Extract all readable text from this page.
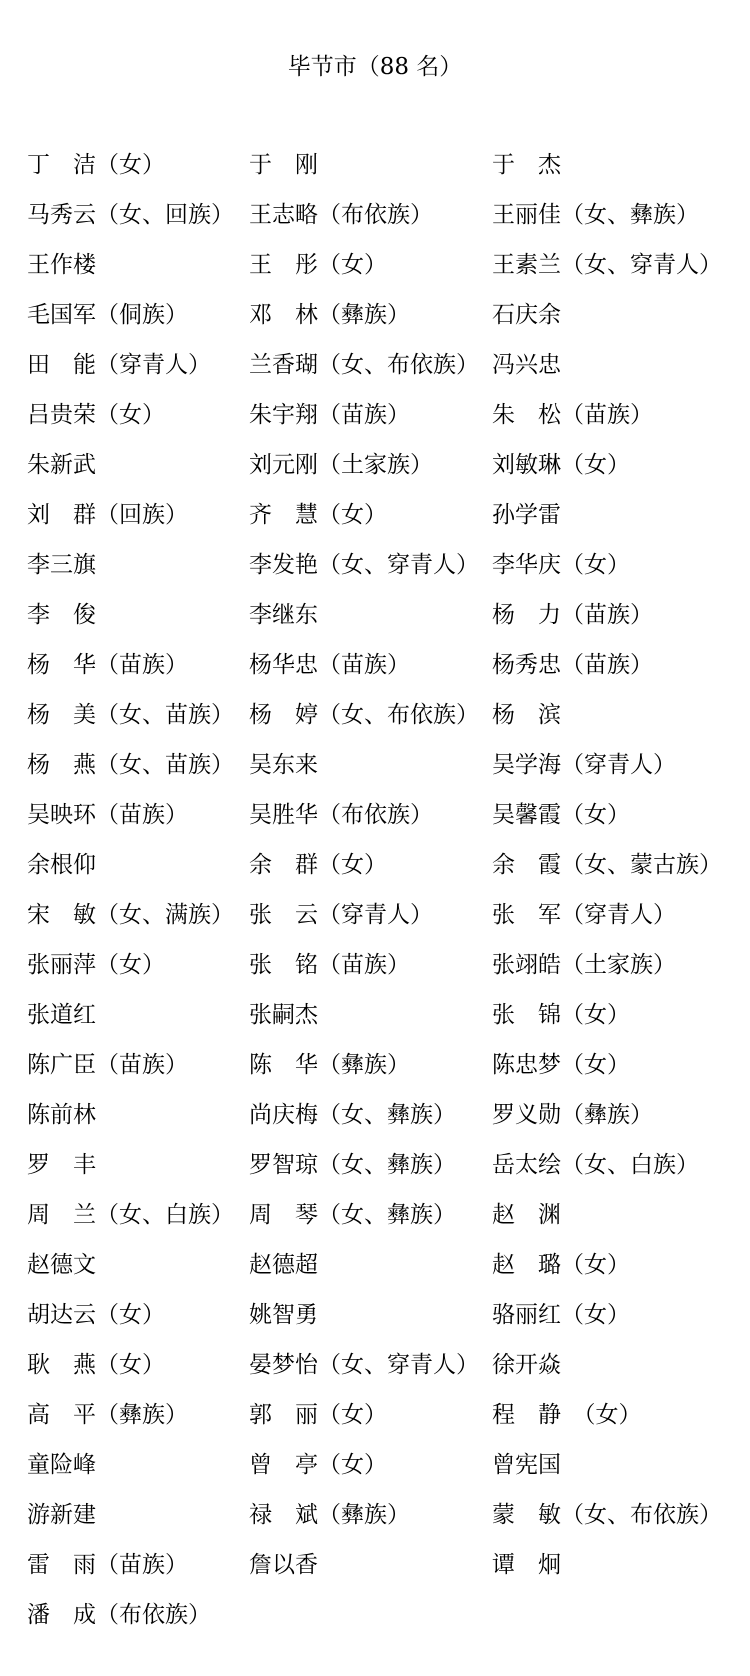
毕节市（88 名）
丁　洁（女）	于　刚	于　杰
马秀云（女、回族） 王志略（布依族）	王丽佳（女、彝族）
王作楼	王　彤（女）	王素兰（女、穿青人）
毛国军（侗族）	邓　林（彝族）	石庆余
田　能（穿青人） 兰香瑚（女、布依族） 冯兴忠
吕贵荣（女）	朱宇翔（苗族）	朱　松（苗族）
朱新武	刘元刚（土家族）	刘敏琳（女）
刘　群（回族）	齐　慧（女）	孙学雷
李三旗	李发艳（女、穿青人） 李华庆（女）
李　俊	李继东	杨　力（苗族）
杨　华（苗族）	杨华忠（苗族）	杨秀忠（苗族）
杨　美（女、苗族） 杨　婷（女、布依族） 杨　滨
杨　燕（女、苗族） 吴东来	吴学海（穿青人）
吴映环（苗族）	吴胜华（布依族）	吴馨霞（女）
余根仰	余　群（女）	余　霞（女、蒙古族）
宋　敏（女、满族） 张　云（穿青人）	张　军（穿青人）
张丽萍（女）	张　铭（苗族）	张翊皓（土家族）
张道红	张嗣杰	张　锦（女）
陈广臣（苗族）	陈　华（彝族）	陈忠梦（女）
陈前林	尚庆梅（女、彝族） 罗义勋（彝族）
罗　丰	罗智琼（女、彝族） 岳太绘（女、白族）
周　兰（女、白族） 周　琴（女、彝族） 赵　渊
赵德文	赵德超	赵　璐（女）
胡达云（女）	姚智勇	骆丽红（女）
耿　燕（女）	晏梦怡（女、穿青人） 徐开焱
高　平（彝族）	郭　丽（女）	程　静　（女）
童险峰	曾　亭（女）	曾宪国
游新建	禄　斌（彝族）	蒙　敏（女、布依族）
雷　雨（苗族）	詹以香	谭　炯
潘　成（布依族）
